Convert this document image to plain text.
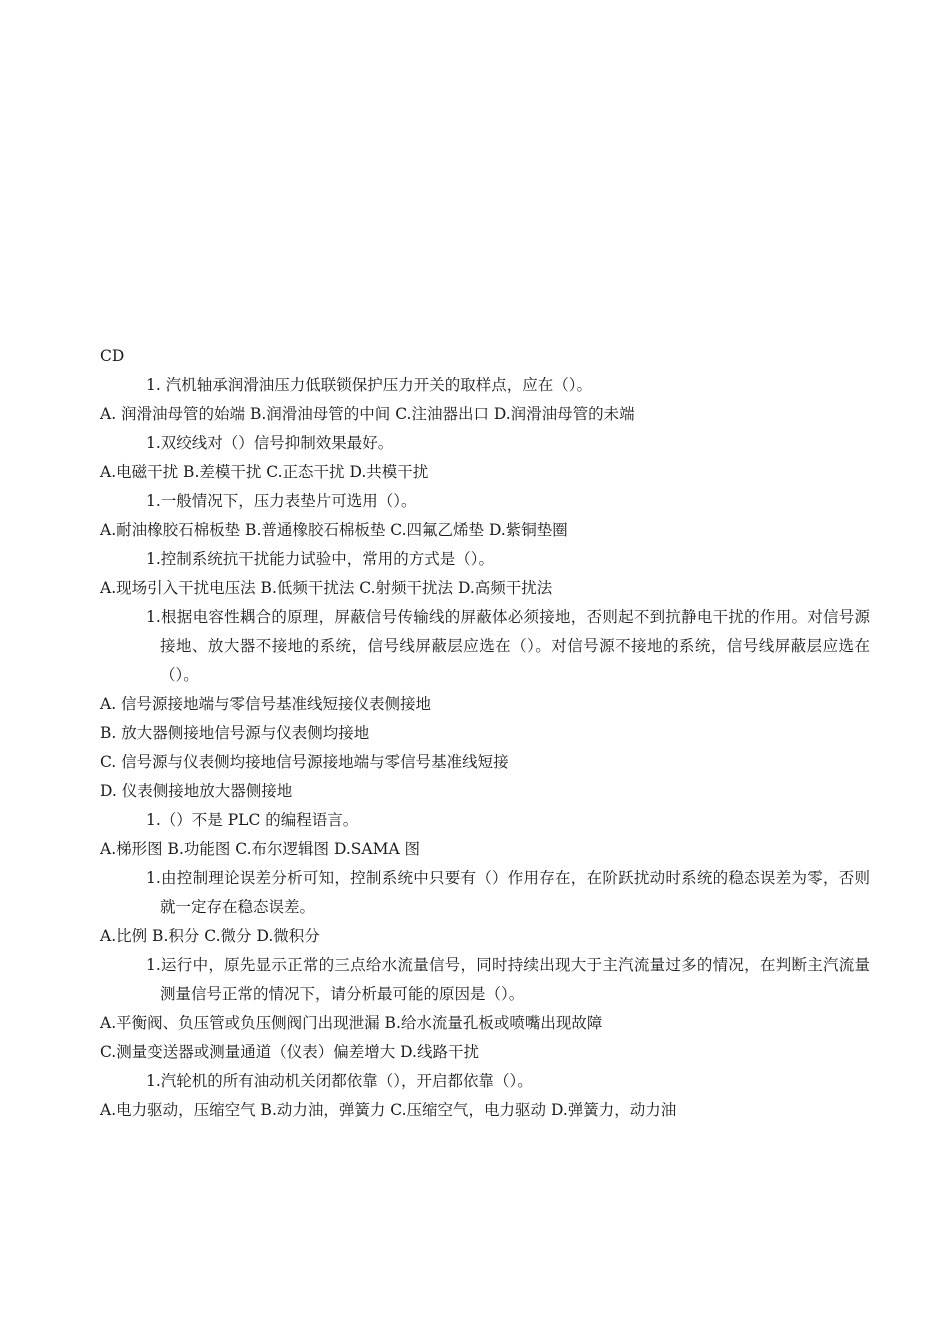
CD
1. 汽机轴承润滑油压力低联锁保护压力开关的取样点，应在（）。
A. 润滑油母管的始端 B.润滑油母管的中间 C.注油器出口 D.润滑油母管的未端
1.双绞线对（）信号抑制效果最好。
A.电磁干扰 B.差模干扰 C.正态干扰 D.共模干扰
1.一般情况下，压力表垫片可选用（）。
A.耐油橡胶石棉板垫 B.普通橡胶石棉板垫 C.四氟乙烯垫 D.紫铜垫圈
1.控制系统抗干扰能力试验中，常用的方式是（）。
A.现场引入干扰电压法 B.低频干扰法 C.射频干扰法 D.高频干扰法
1.根据电容性耦合的原理，屏蔽信号传输线的屏蔽体必须接地，否则起不到抗静电干扰的作用。对信号源接地、放大器不接地的系统，信号线屏蔽层应选在（）。对信号源不接地的系统，信号线屏蔽层应选在（）。
A. 信号源接地端与零信号基准线短接仪表侧接地
B. 放大器侧接地信号源与仪表侧均接地
C. 信号源与仪表侧均接地信号源接地端与零信号基准线短接
D. 仪表侧接地放大器侧接地
1.（）不是 PLC 的编程语言。
A.梯形图 B.功能图 C.布尔逻辑图 D.SAMA 图
1.由控制理论误差分析可知，控制系统中只要有（）作用存在，在阶跃扰动时系统的稳态误差为零，否则就一定存在稳态误差。
A.比例 B.积分 C.微分 D.微积分
1.运行中，原先显示正常的三点给水流量信号，同时持续出现大于主汽流量过多的情况，在判断主汽流量测量信号正常的情况下，请分析最可能的原因是（）。
A.平衡阀、负压管或负压侧阀门出现泄漏 B.给水流量孔板或喷嘴出现故障
C.测量变送器或测量通道（仪表）偏差增大 D.线路干扰
1.汽轮机的所有油动机关闭都依靠（），开启都依靠（）。
A.电力驱动，压缩空气 B.动力油，弹簧力 C.压缩空气，电力驱动 D.弹簧力，动力油
